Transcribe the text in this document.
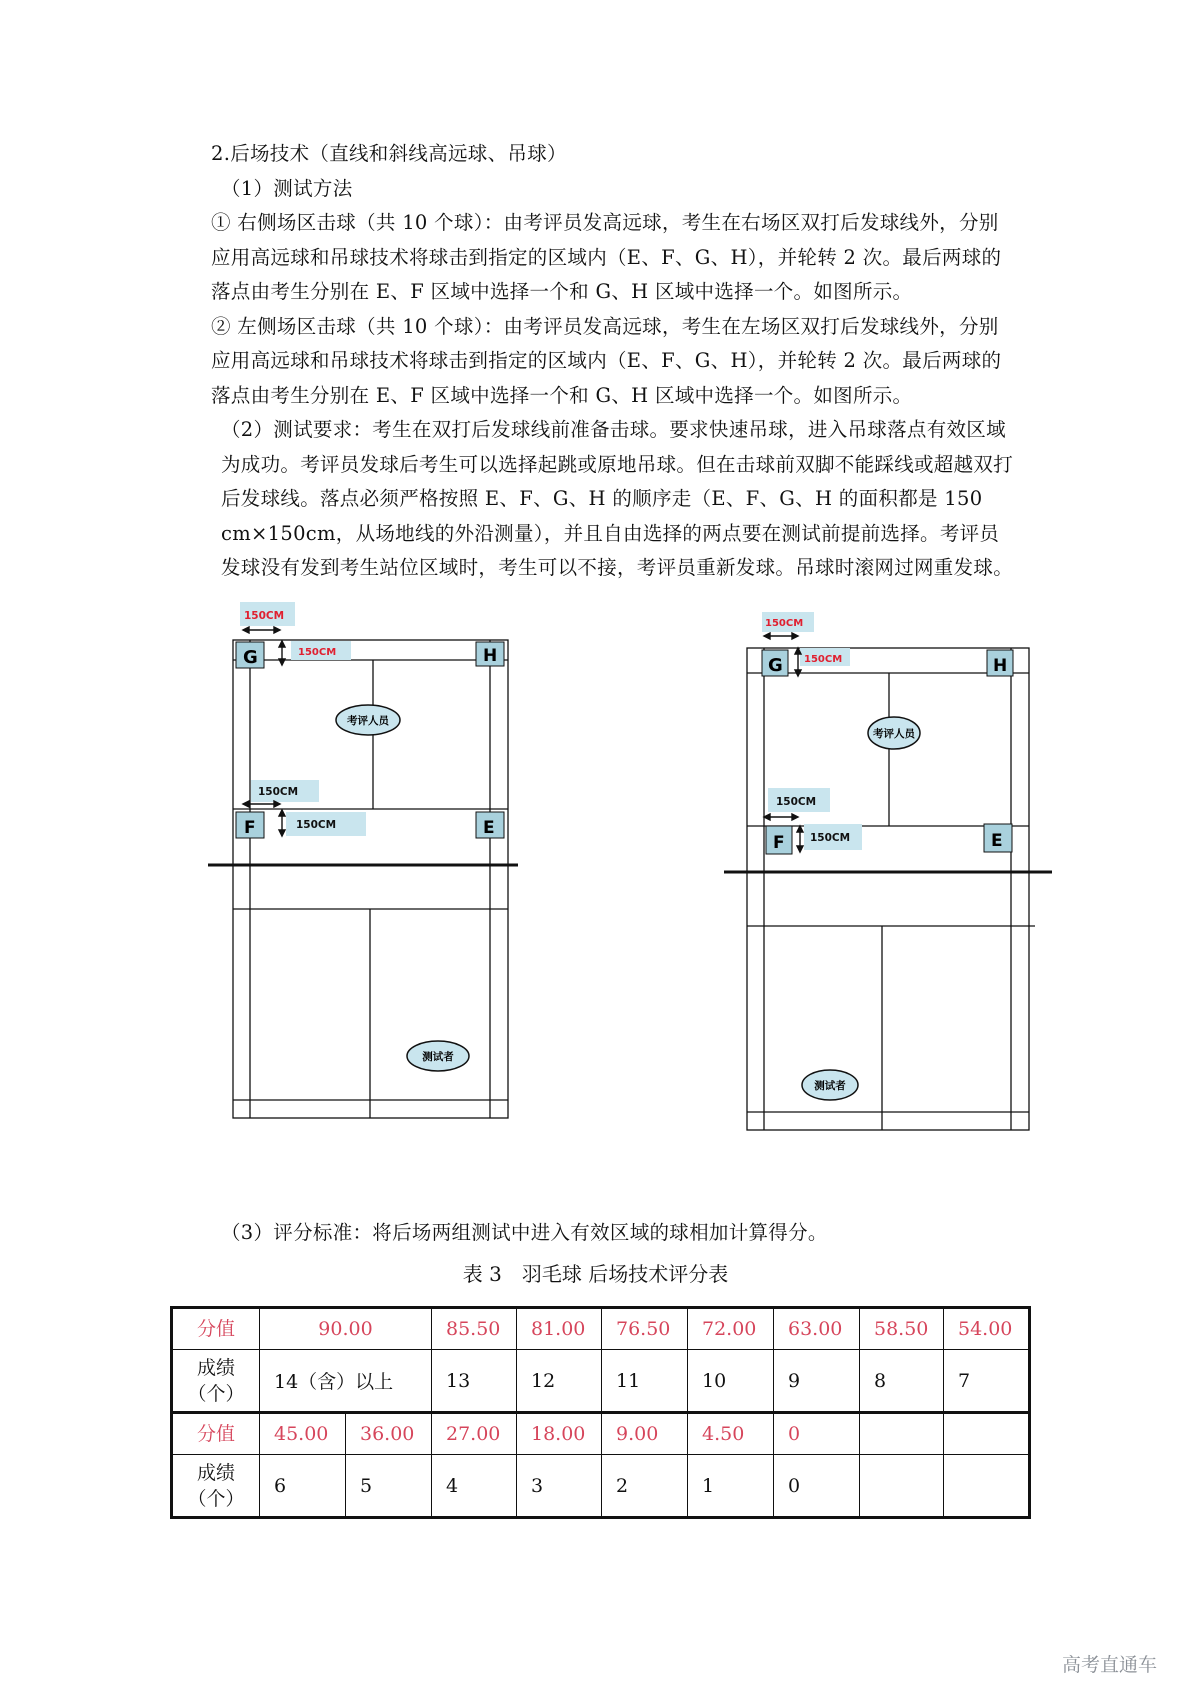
2.后场技术（直线和斜线高远球、吊球）

（1）测试方法

① 右侧场区击球（共 10 个球）：由考评员发高远球，考生在右场区双打后发球线外，分别应用高远球和吊球技术将球击到指定的区域内（E、F、G、H），并轮转 2 次。最后两球的落点由考生分别在 E、F 区域中选择一个和 G、H 区域中选择一个。如图所示。

② 左侧场区击球（共 10 个球）：由考评员发高远球，考生在左场区双打后发球线外，分别应用高远球和吊球技术将球击到指定的区域内（E、F、G、H），并轮转 2 次。最后两球的落点由考生分别在 E、F 区域中选择一个和 G、H 区域中选择一个。如图所示。

（2）测试要求：考生在双打后发球线前准备击球。要求快速吊球，进入吊球落点有效区域为成功。考评员发球后考生可以选择起跳或原地吊球。但在击球前双脚不能踩线或超越双打后发球线。落点必须严格按照 E、F、G、H 的顺序走（E、F、G、H 的面积都是 150 cm×150cm，从场地线的外沿测量），并且自由选择的两点要在测试前提前选择。考评员发球没有发到考生站位区域时，考生可以不接，考评员重新发球。吊球时滚网过网重发球。

150CM
150CM
150CM
150CM
G	H
F	E
考评人员
测试者
150CM
150CM
150CM
150CM
G	H
F	E
考评人员
测试者

（3）评分标准：将后场两组测试中进入有效区域的球相加计算得分。

表 3　羽毛球 后场技术评分表
分值	90.00		85.50	81.00	76.50	72.00	63.00	58.50	54.00
成绩
（个）	14（含）以上		13	12	11	10	9	8	7
分值	45.00	36.00	27.00	18.00	9.00	4.50	0		
成绩
（个）	6	5	4	3	2	1	0		
高考直通车
